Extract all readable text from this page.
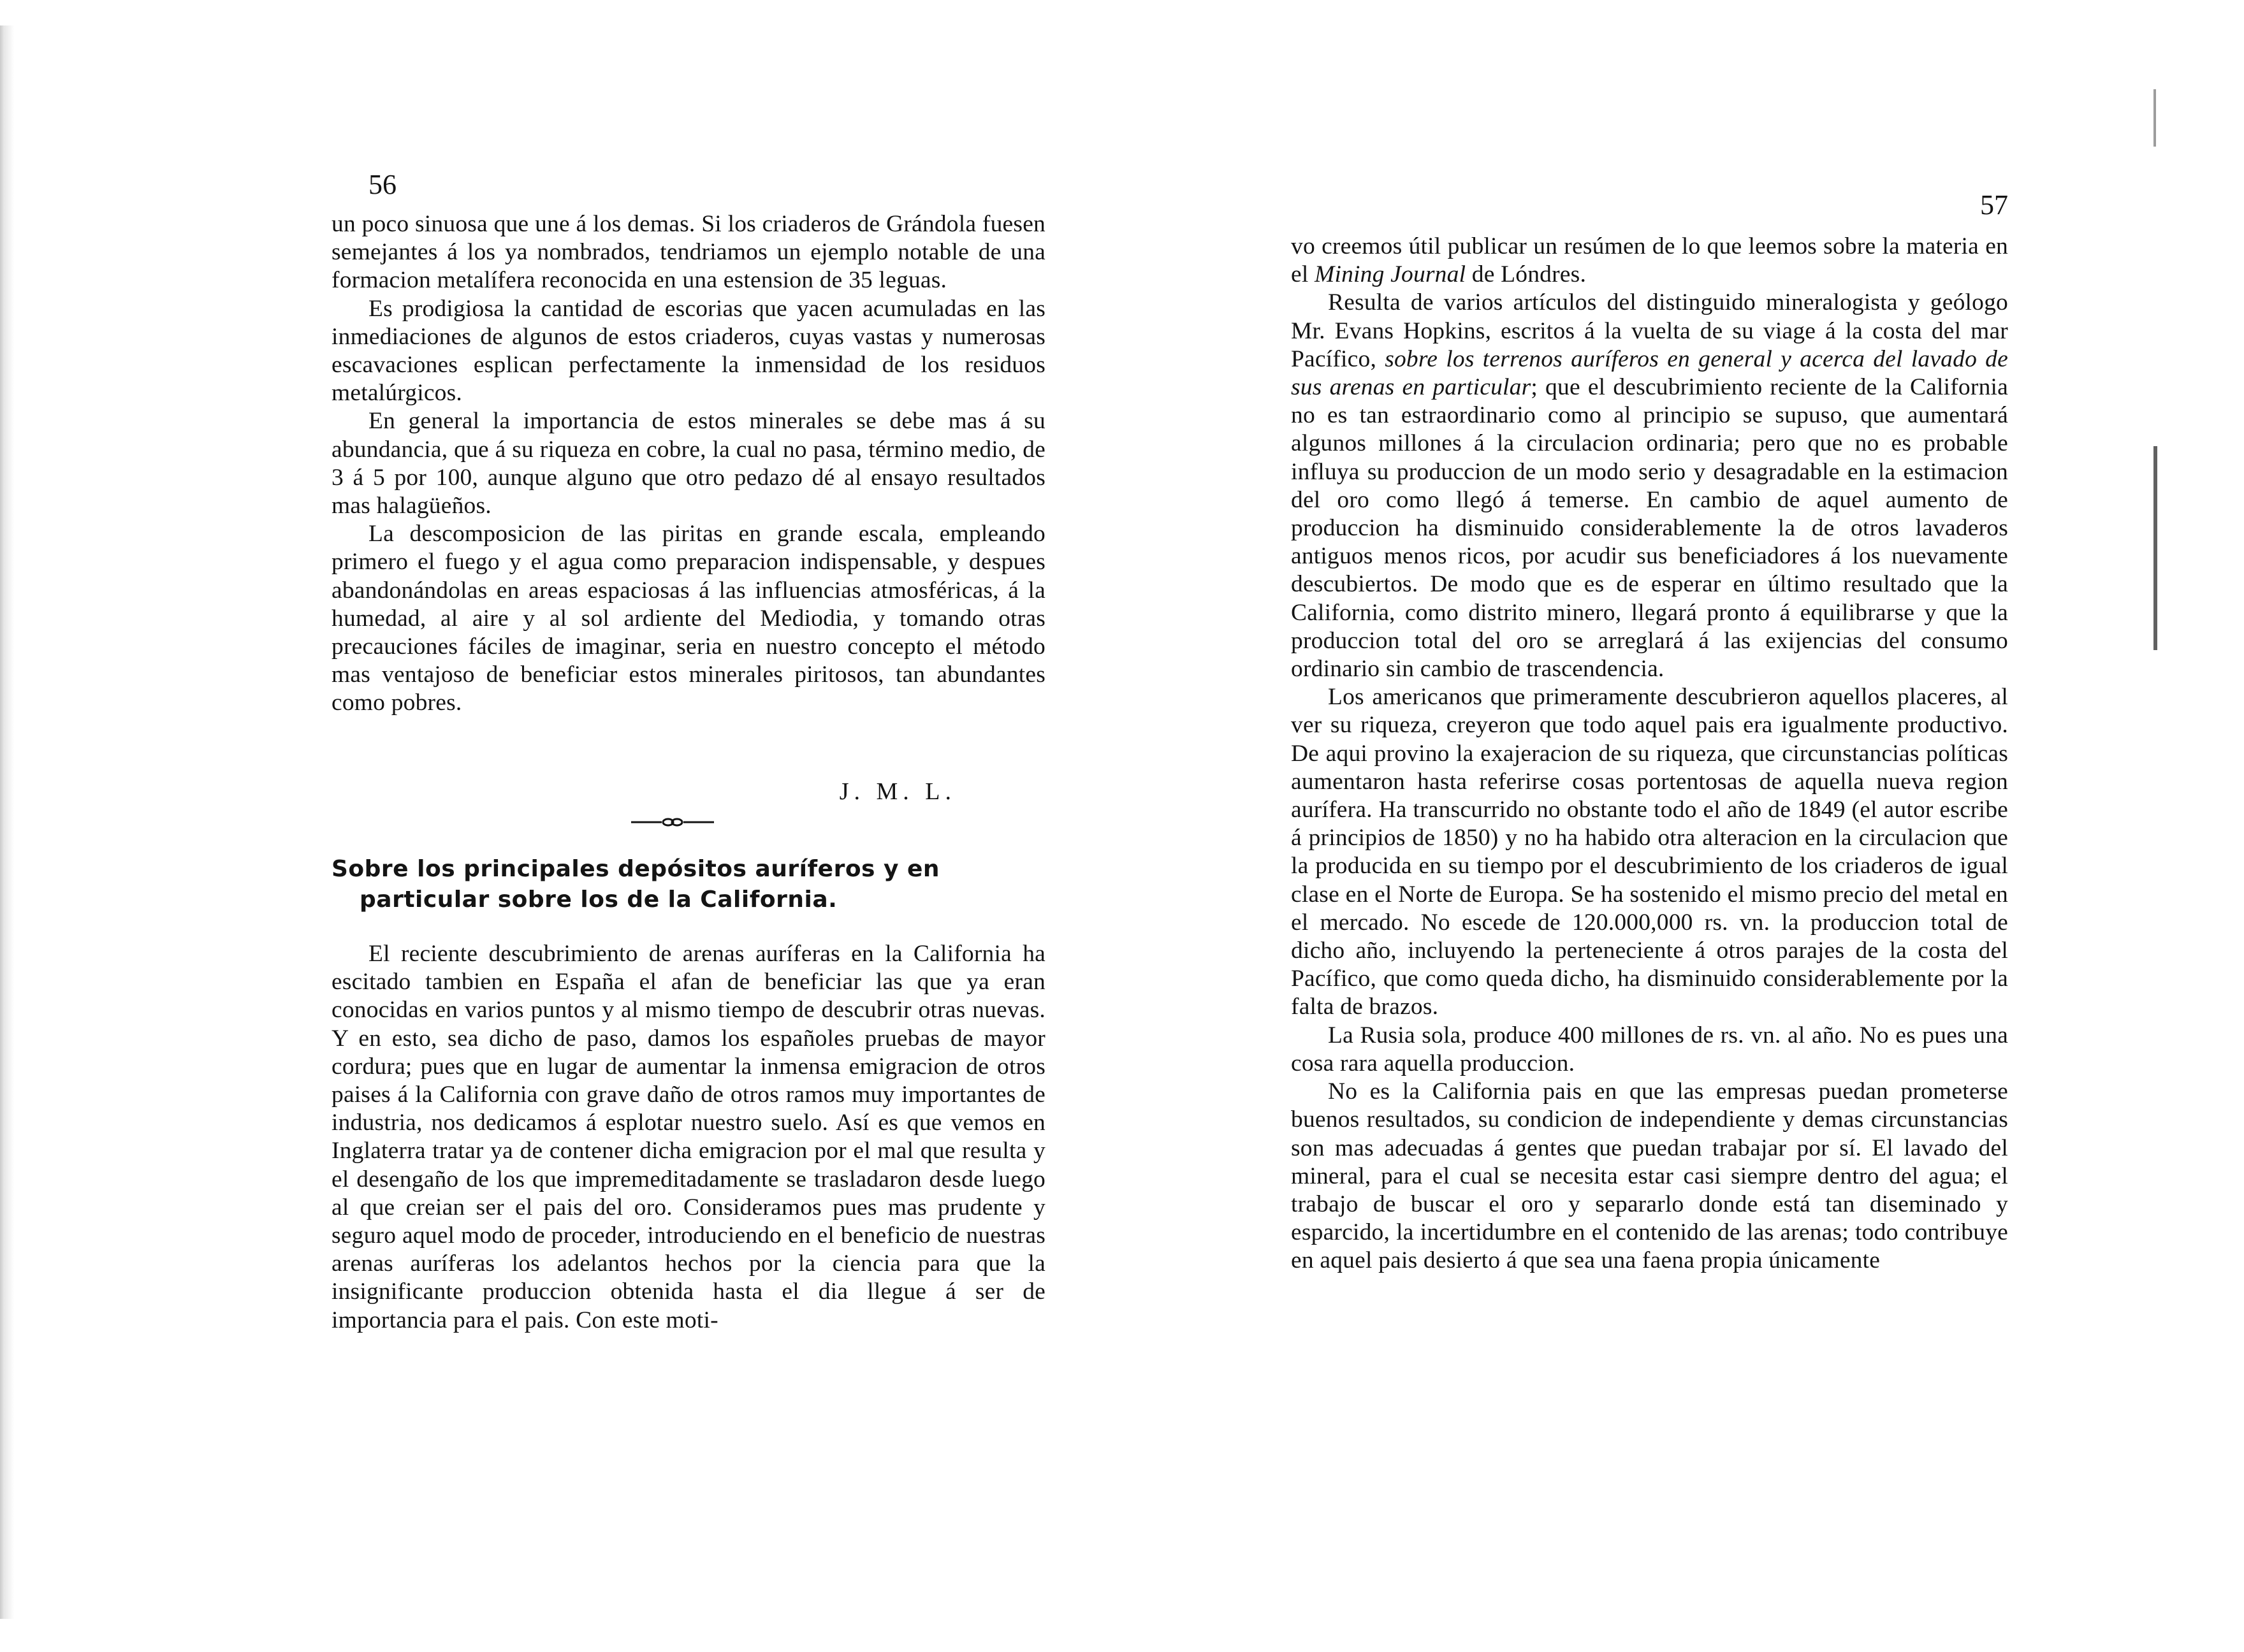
56

un poco sinuosa que une á los demas. Si los criaderos de Grándola fuesen semejantes á los ya nombrados, tendriamos un ejemplo notable de una formacion metalífera reconocida en una estension de 35 leguas.

Es prodigiosa la cantidad de escorias que yacen acumuladas en las inmediaciones de algunos de estos criaderos, cuyas vastas y numerosas escavaciones esplican perfectamente la inmensidad de los residuos metalúrgicos.

En general la importancia de estos minerales se debe mas á su abundancia, que á su riqueza en cobre, la cual no pasa, término medio, de 3 á 5 por 100, aunque alguno que otro pedazo dé al ensayo resultados mas halagüeños.

La descomposicion de las piritas en grande escala, empleando primero el fuego y el agua como preparacion indispensable, y despues abandonándolas en areas espaciosas á las influencias atmosféricas, á la humedad, al aire y al sol ardiente del Mediodia, y tomando otras precauciones fáciles de imaginar, seria en nuestro concepto el método mas ventajoso de beneficiar estos minerales piritosos, tan abundantes como pobres.

J. M. L.
Sobre los principales depósitos auríferos y en
particular sobre los de la California.

El reciente descubrimiento de arenas auríferas en la California ha escitado tambien en España el afan de beneficiar las que ya eran conocidas en varios puntos y al mismo tiempo de descubrir otras nuevas. Y en esto, sea dicho de paso, damos los españoles pruebas de mayor cordura; pues que en lugar de aumentar la inmensa emigracion de otros paises á la California con grave daño de otros ramos muy importantes de industria, nos dedicamos á esplotar nuestro suelo. Así es que vemos en Inglaterra tratar ya de contener dicha emigracion por el mal que resulta y el desengaño de los que impremeditadamente se trasladaron desde luego al que creian ser el pais del oro. Consideramos pues mas prudente y seguro aquel modo de proceder, introduciendo en el beneficio de nuestras arenas auríferas los adelantos hechos por la ciencia para que la insignificante produccion obtenida hasta el dia llegue á ser de importancia para el pais. Con este moti-

57

vo creemos útil publicar un resúmen de lo que leemos sobre la materia en el Mining Journal de Lóndres.

Resulta de varios artículos del distinguido mineralogista y geólogo Mr. Evans Hopkins, escritos á la vuelta de su viage á la costa del mar Pacífico, sobre los terrenos auríferos en general y acerca del lavado de sus arenas en particular; que el descubrimiento reciente de la California no es tan estraordinario como al principio se supuso, que aumentará algunos millones á la circulacion ordinaria; pero que no es probable influya su produccion de un modo serio y desagradable en la estimacion del oro como llegó á temerse. En cambio de aquel aumento de produccion ha disminuido considerablemente la de otros lavaderos antiguos menos ricos, por acudir sus beneficiadores á los nuevamente descubiertos. De modo que es de esperar en último resultado que la California, como distrito minero, llegará pronto á equilibrarse y que la produccion total del oro se arreglará á las exijencias del consumo ordinario sin cambio de trascendencia.

Los americanos que primeramente descubrieron aquellos placeres, al ver su riqueza, creyeron que todo aquel pais era igualmente productivo. De aqui provino la exajeracion de su riqueza, que circunstancias políticas aumentaron hasta referirse cosas portentosas de aquella nueva region aurífera. Ha transcurrido no obstante todo el año de 1849 (el autor escribe á principios de 1850) y no ha habido otra alteracion en la circulacion que la producida en su tiempo por el descubrimiento de los criaderos de igual clase en el Norte de Europa. Se ha sostenido el mismo precio del metal en el mercado. No escede de 120.000,000 rs. vn. la produccion total de dicho año, incluyendo la perteneciente á otros parajes de la costa del Pacífico, que como queda dicho, ha disminuido considerablemente por la falta de brazos.

La Rusia sola, produce 400 millones de rs. vn. al año. No es pues una cosa rara aquella produccion.

No es la California pais en que las empresas puedan prometerse buenos resultados, su condicion de independiente y demas circunstancias son mas adecuadas á gentes que puedan trabajar por sí. El lavado del mineral, para el cual se necesita estar casi siempre dentro del agua; el trabajo de buscar el oro y separarlo donde está tan diseminado y esparcido, la incertidumbre en el contenido de las arenas; todo contribuye en aquel pais desierto á que sea una faena propia únicamente
